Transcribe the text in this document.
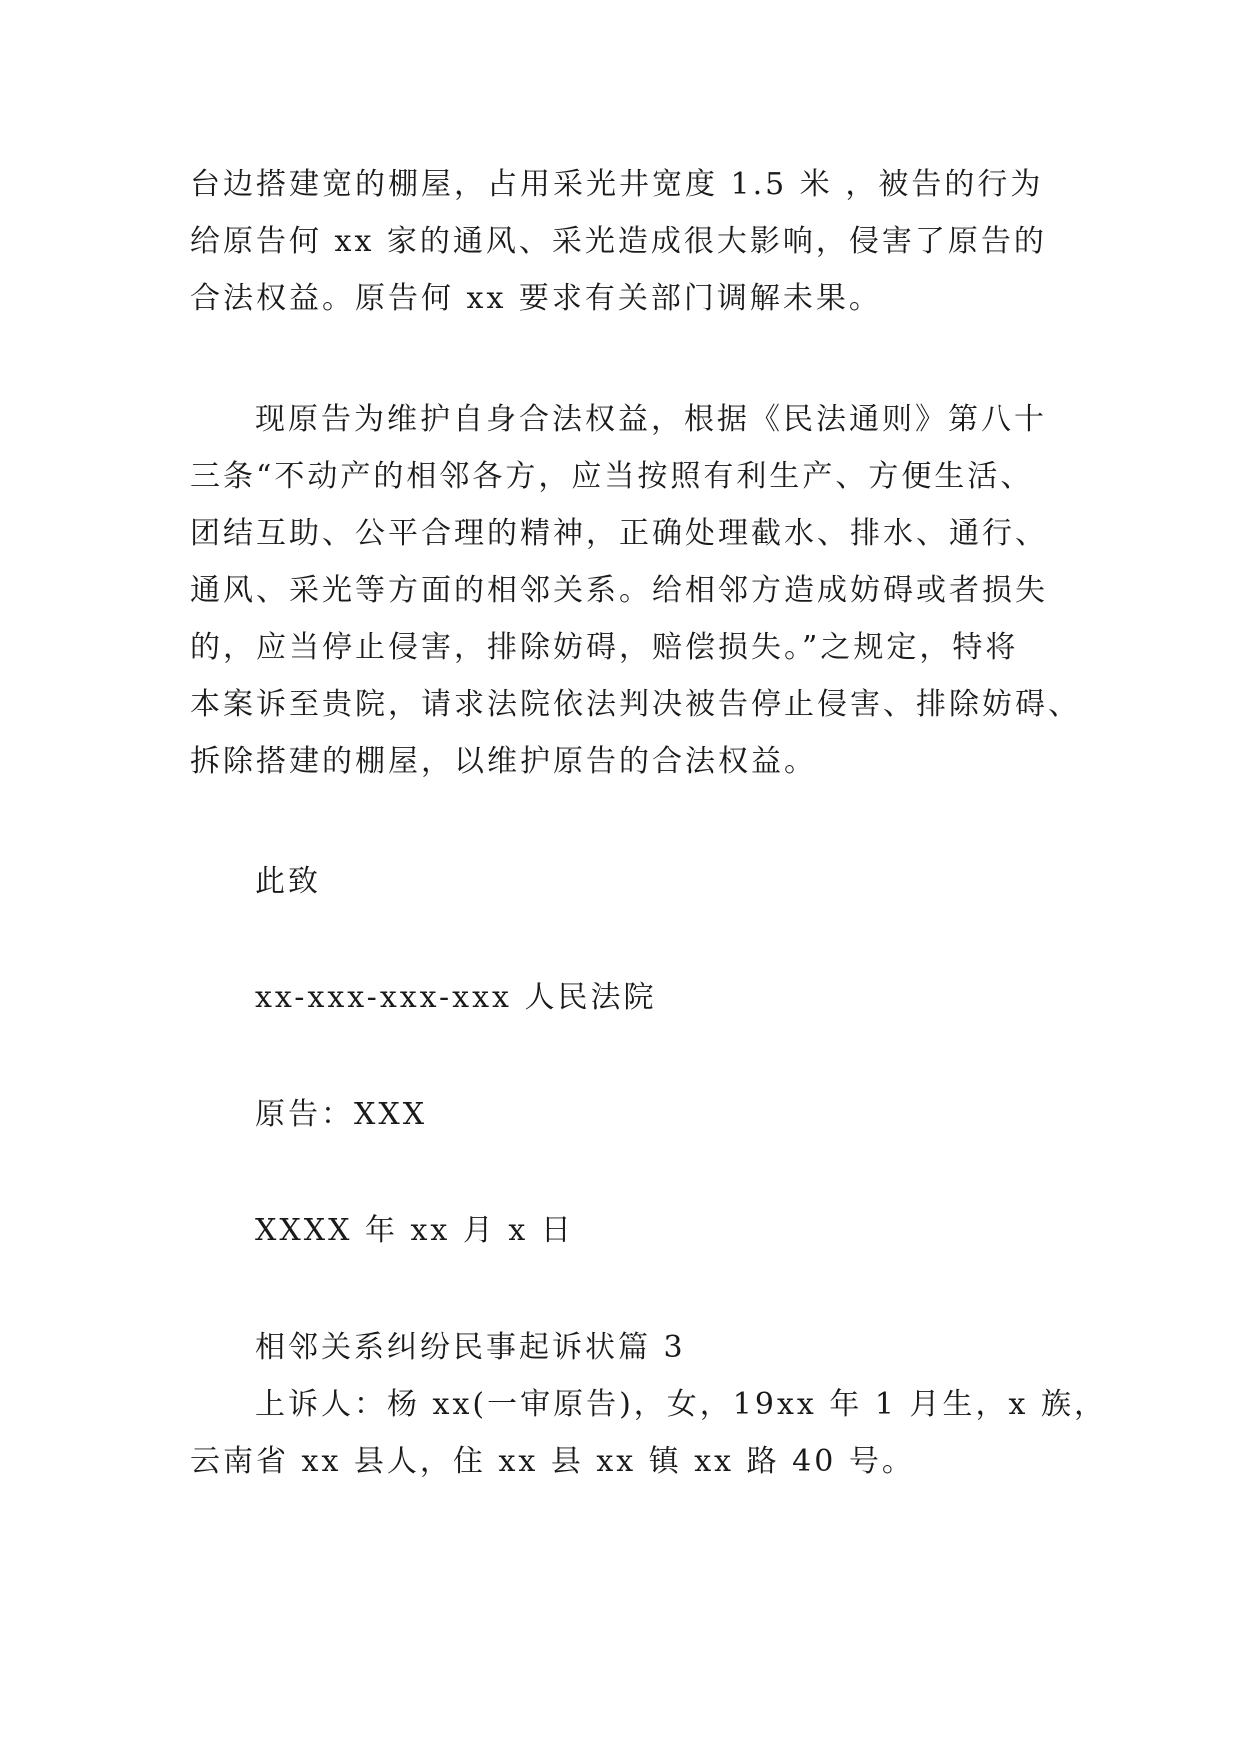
台边搭建宽的棚屋，占用采光井宽度 1.5 米 ，被告的行为
给原告何 xx 家的通风、采光造成很大影响，侵害了原告的
合法权益。原告何 xx 要求有关部门调解未果。
现原告为维护自身合法权益，根据《民法通则》第八十
三条“不动产的相邻各方，应当按照有利生产、方便生活、
团结互助、公平合理的精神，正确处理截水、排水、通行、
通风、采光等方面的相邻关系。给相邻方造成妨碍或者损失
的，应当停止侵害，排除妨碍，赔偿损失。”之规定，特将
本案诉至贵院，请求法院依法判决被告停止侵害、排除妨碍、
拆除搭建的棚屋，以维护原告的合法权益。
此致
xx-xxx-xxx-xxx 人民法院
原告：XXX
XXXX 年 xx 月 x 日
相邻关系纠纷民事起诉状篇 3
上诉人：杨 xx(一审原告)，女，19xx 年 1 月生，x 族，
云南省 xx 县人，住 xx 县 xx 镇 xx 路 40 号。
